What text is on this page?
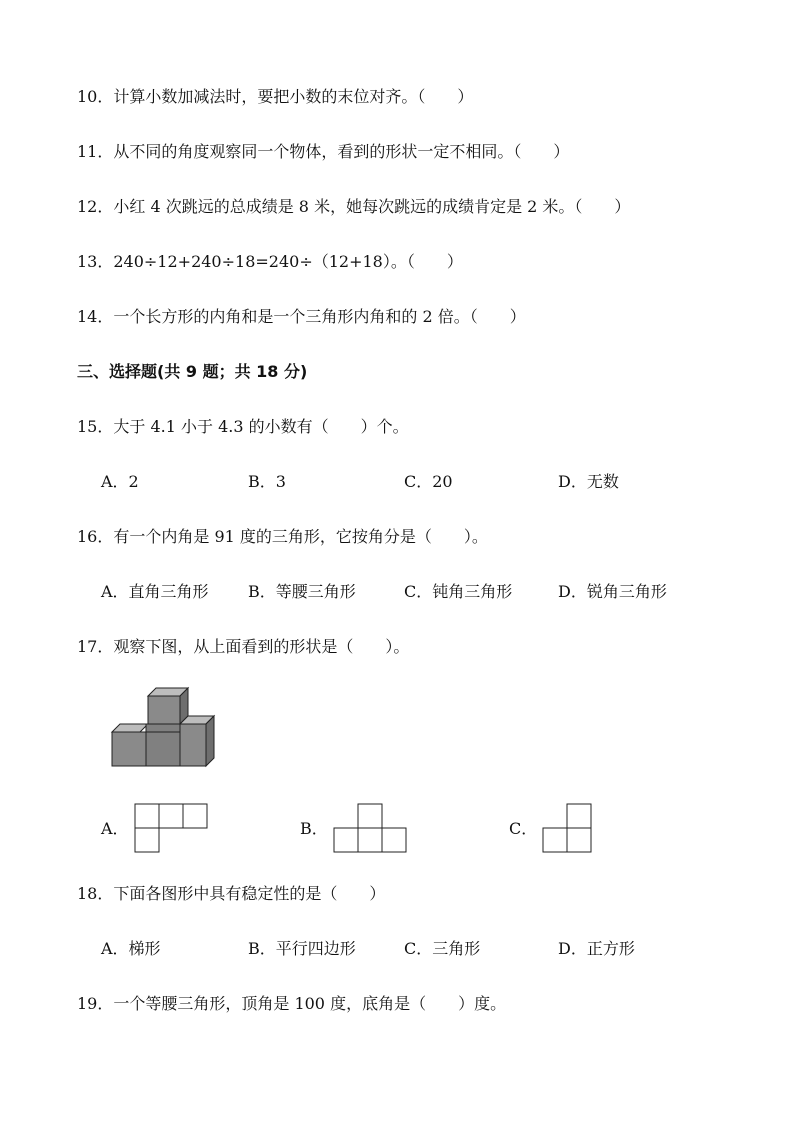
10．计算小数加减法时，要把小数的末位对齐。（　　）
11．从不同的角度观察同一个物体，看到的形状一定不相同。（　　）
12．小红 4 次跳远的总成绩是 8 米，她每次跳远的成绩肯定是 2 米。（　　）
13．240÷12+240÷18=240÷（12+18）。（　　）
14．一个长方形的内角和是一个三角形内角和的 2 倍。（　　）
三、选择题(共 9 题；共 18 分)
15．大于 4.1 小于 4.3 的小数有（　　）个。
A．2	B．3	C．20	D．无数
16．有一个内角是 91 度的三角形，它按角分是（　　）。
A．直角三角形 B．等腰三角形	C．钝角三角形	D．锐角三角形
17．观察下图，从上面看到的形状是（　　）。
A．	B．	C．
18．下面各图形中具有稳定性的是（　　）
A．梯形	B．平行四边形	C．三角形	D．正方形
19．一个等腰三角形，顶角是 100 度，底角是（　　）度。
